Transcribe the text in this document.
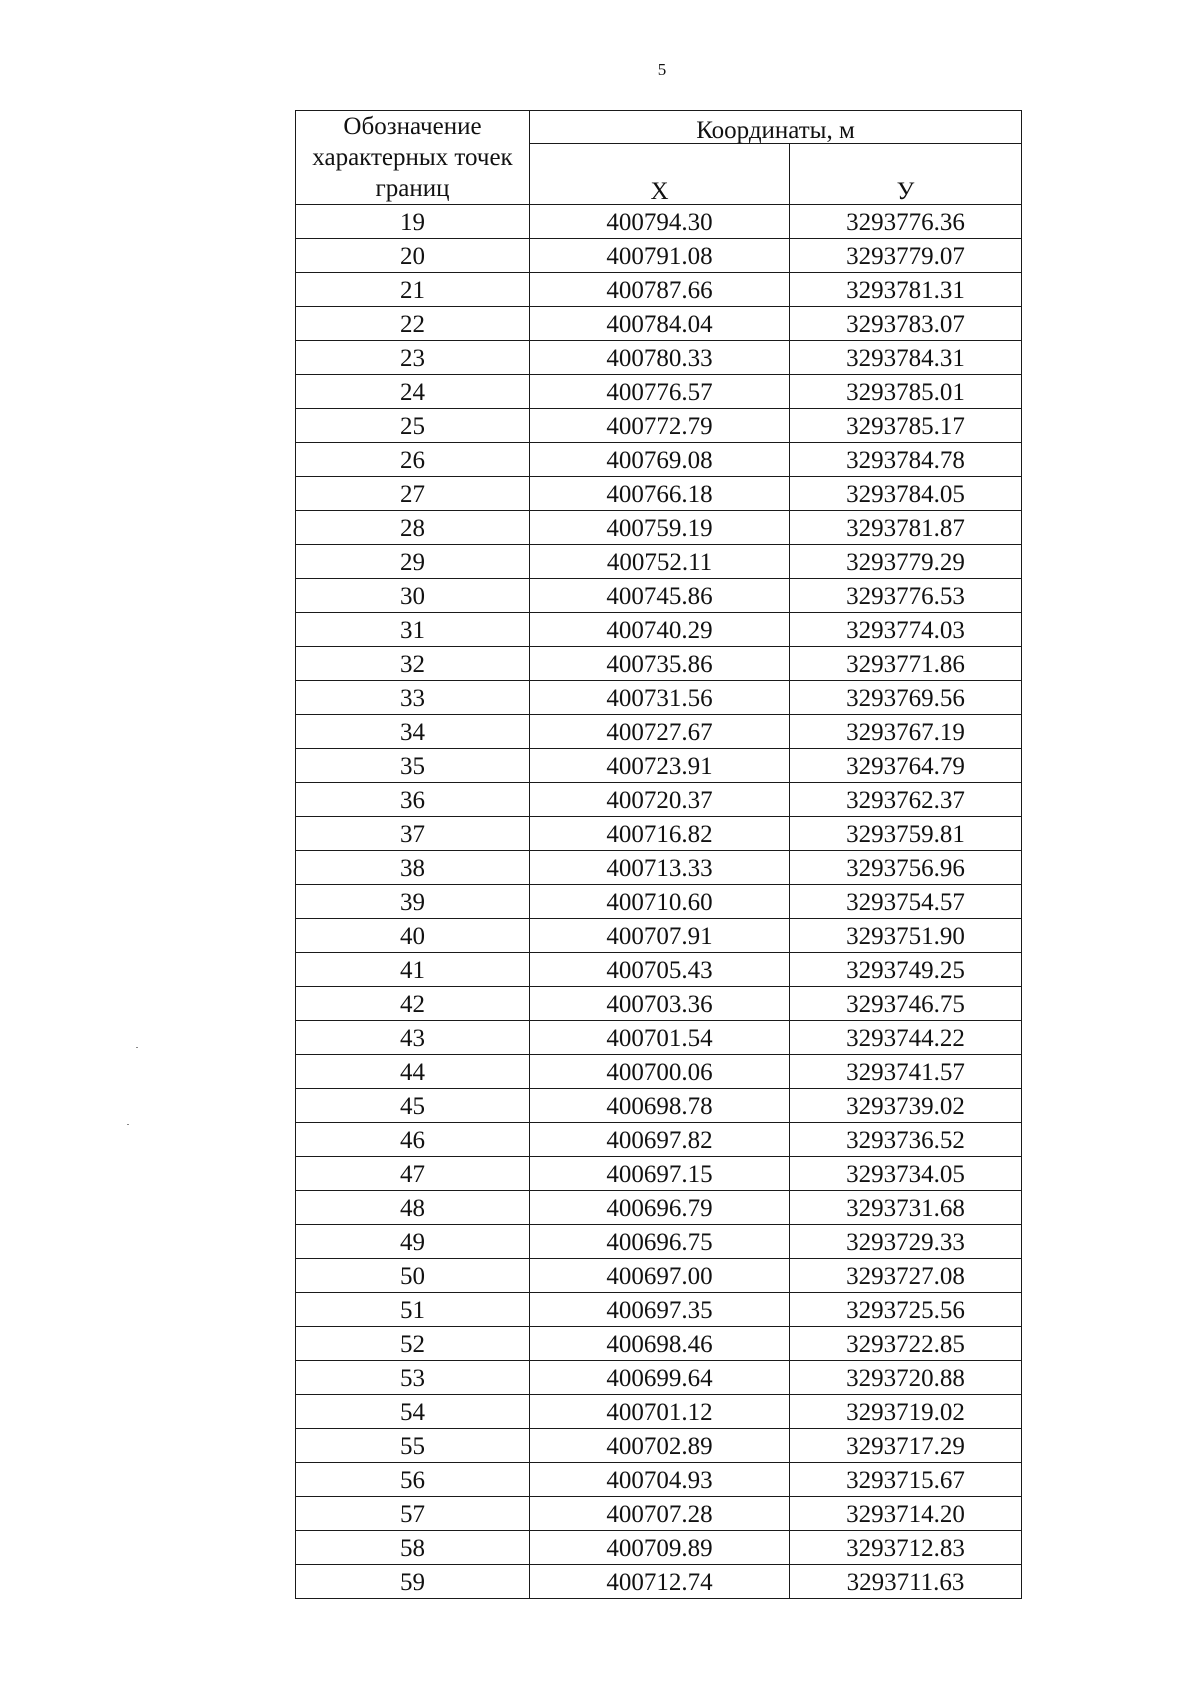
5
Обозначение характерных точек границ	Координаты, м	
	Х	У
19	400794.30	3293776.36
20	400791.08	3293779.07
21	400787.66	3293781.31
22	400784.04	3293783.07
23	400780.33	3293784.31
24	400776.57	3293785.01
25	400772.79	3293785.17
26	400769.08	3293784.78
27	400766.18	3293784.05
28	400759.19	3293781.87
29	400752.11	3293779.29
30	400745.86	3293776.53
31	400740.29	3293774.03
32	400735.86	3293771.86
33	400731.56	3293769.56
34	400727.67	3293767.19
35	400723.91	3293764.79
36	400720.37	3293762.37
37	400716.82	3293759.81
38	400713.33	3293756.96
39	400710.60	3293754.57
40	400707.91	3293751.90
41	400705.43	3293749.25
42	400703.36	3293746.75
43	400701.54	3293744.22
44	400700.06	3293741.57
45	400698.78	3293739.02
46	400697.82	3293736.52
47	400697.15	3293734.05
48	400696.79	3293731.68
49	400696.75	3293729.33
50	400697.00	3293727.08
51	400697.35	3293725.56
52	400698.46	3293722.85
53	400699.64	3293720.88
54	400701.12	3293719.02
55	400702.89	3293717.29
56	400704.93	3293715.67
57	400707.28	3293714.20
58	400709.89	3293712.83
59	400712.74	3293711.63
